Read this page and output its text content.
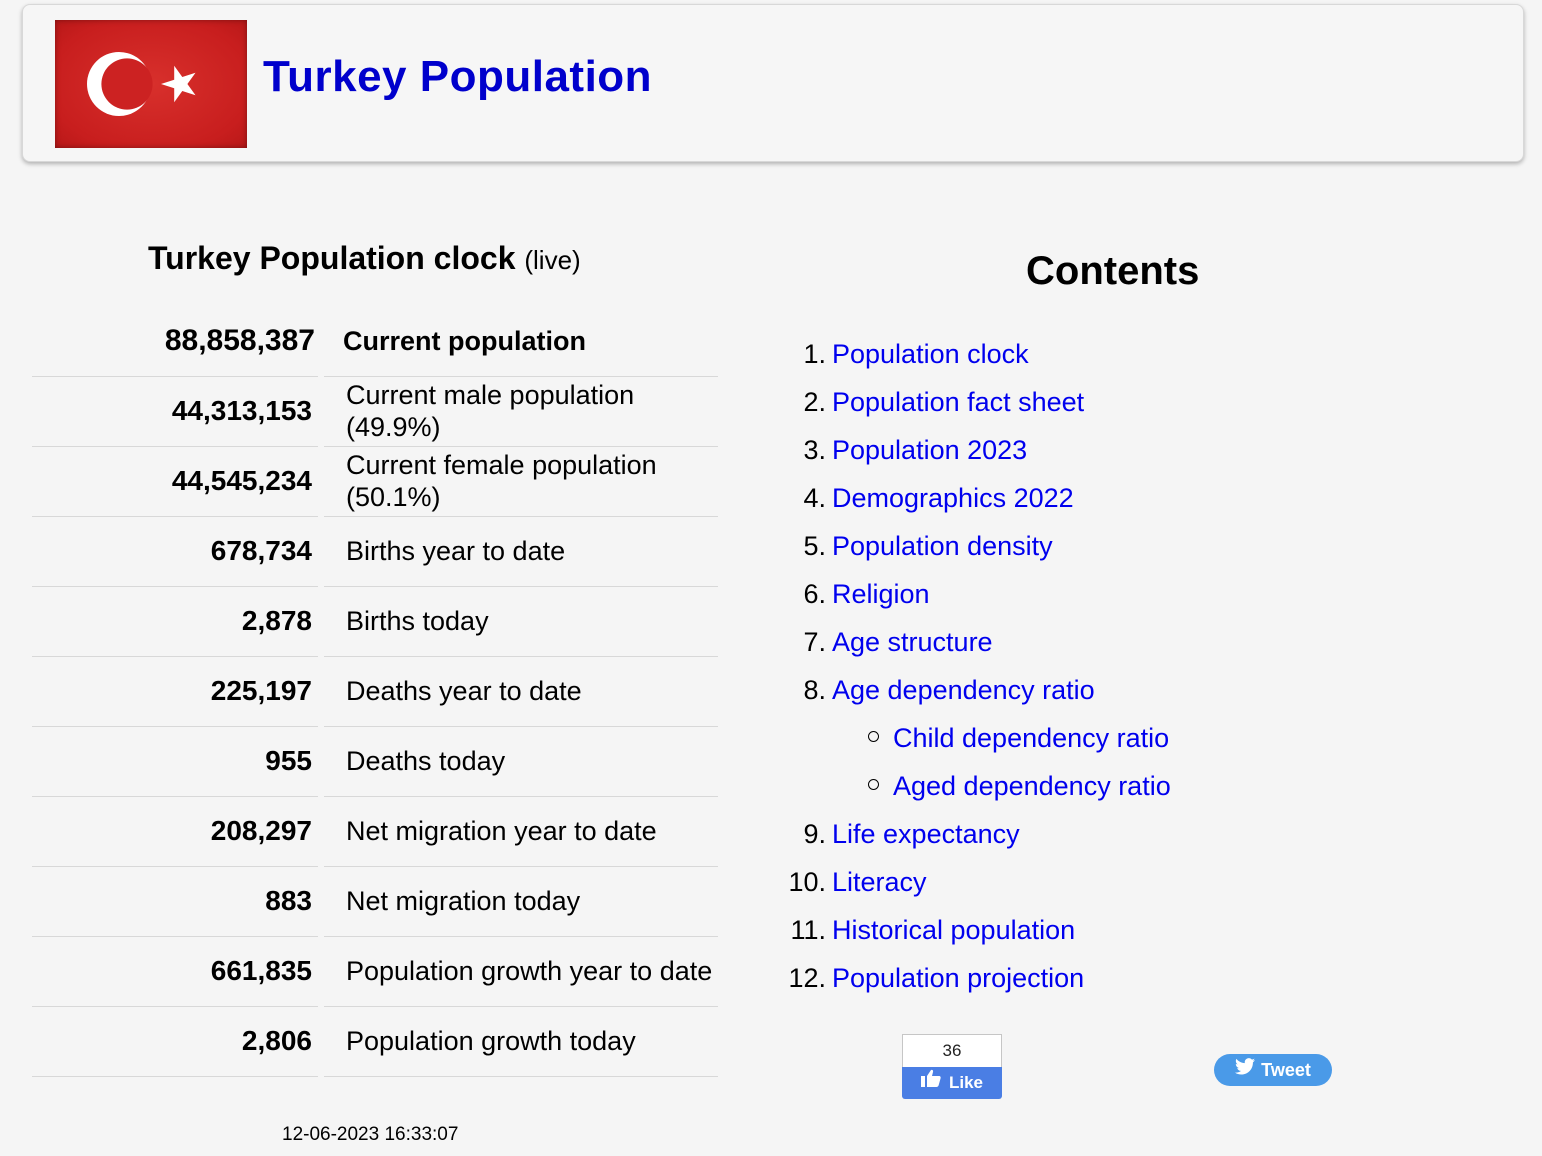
Turkey Population
Turkey Population clock (live)
88,858,387	Current population
44,313,153	Current male population (49.9%)
44,545,234	Current female population (50.1%)
678,734	Births year to date
2,878	Births today
225,197	Deaths year to date
955	Deaths today
208,297	Net migration year to date
883	Net migration today
661,835	Population growth year to date
2,806	Population growth today
12-06-2023 16:33:07
Contents
1. Population clock
2. Population fact sheet
3. Population 2023
4. Demographics 2022
5. Population density
6. Religion
7. Age structure
8. Age dependency ratio
Child dependency ratio
Aged dependency ratio
9. Life expectancy
10. Literacy
11. Historical population
12. Population projection
36
Like
Tweet
